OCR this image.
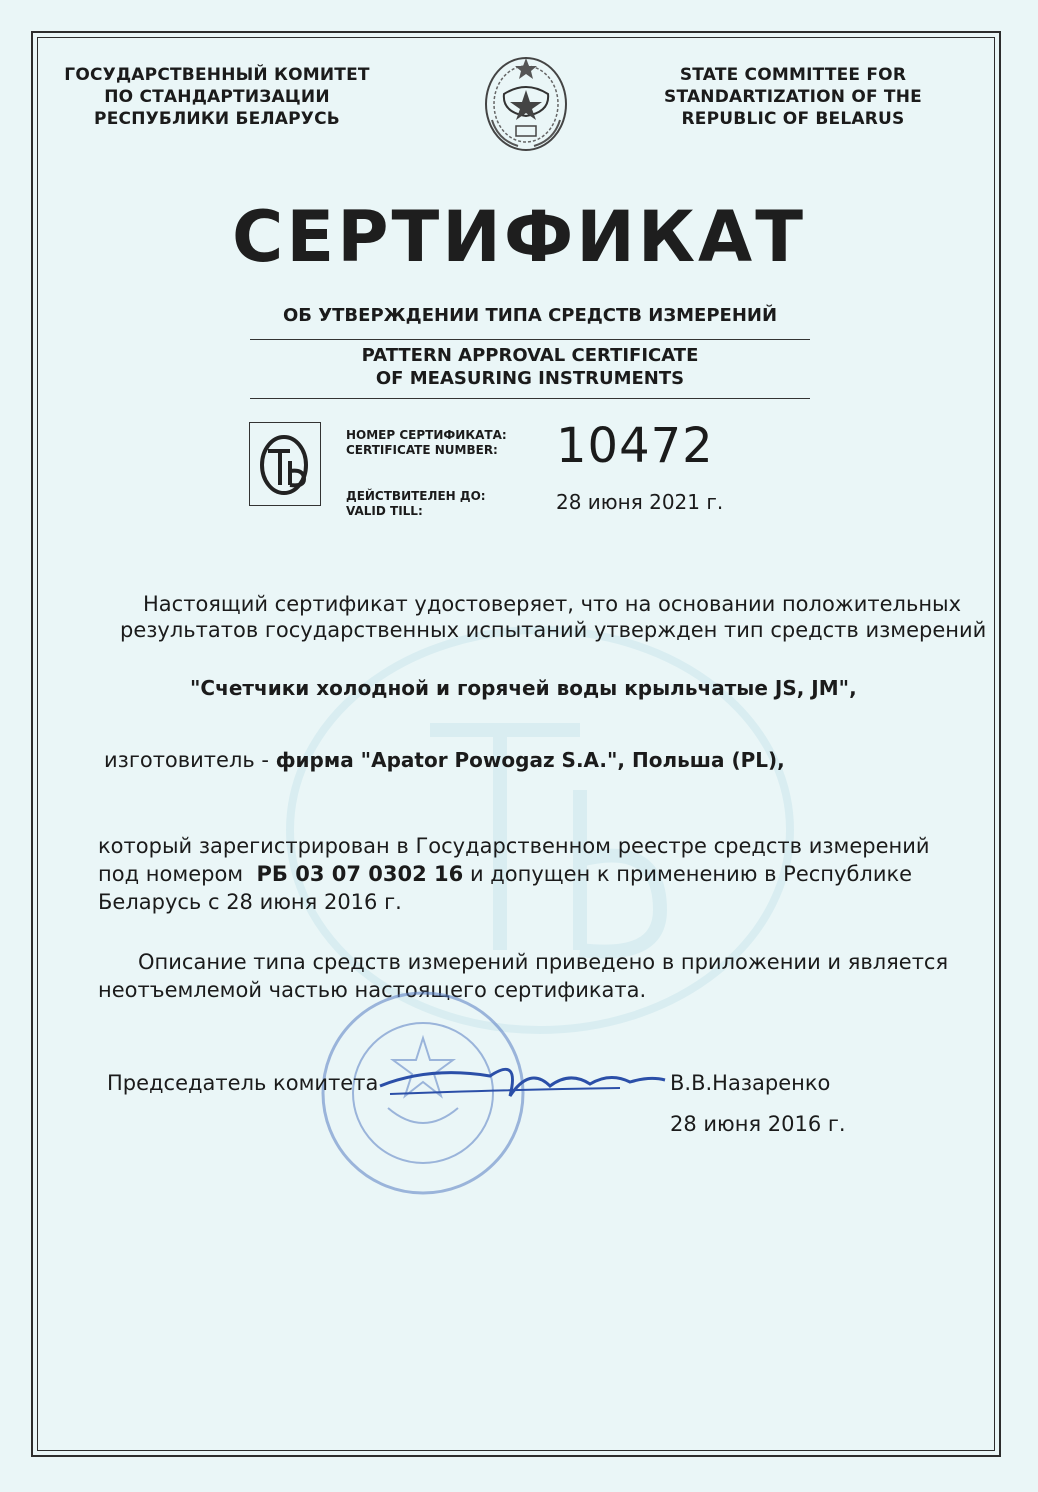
ГОСУДАРСТВЕННЫЙ КОМИТЕТ
ПО СТАНДАРТИЗАЦИИ
РЕСПУБЛИКИ БЕЛАРУСЬ
STATE COMMITTEE FOR
STANDARTIZATION OF THE
REPUBLIC OF BELARUS
СЕРТИФИКАТ
ОБ УТВЕРЖДЕНИИ ТИПА СРЕДСТВ ИЗМЕРЕНИЙ
PATTERN APPROVAL CERTIFICATE
OF MEASURING INSTRUMENTS
НОМЕР СЕРТИФИКАТА:
CERTIFICATE NUMBER: 10472
ДЕЙСТВИТЕЛЕН ДО:
VALID TILL:	28 июня 2021 г.
Настоящий сертификат удостоверяет, что на основании положительных
результатов государственных испытаний утвержден тип средств измерений
"Счетчики холодной и горячей воды крыльчатые JS, JM",
изготовитель - фирма "Apator Powogaz S.A.", Польша (PL),
который зарегистрирован в Государственном реестре средств измерений
под номером РБ 03 07 0302 16 и допущен к применению в Республике
Беларусь с 28 июня 2016 г.
Описание типа средств измерений приведено в приложении и является
неотъемлемой частью настоящего сертификата.
Председатель комитета	В.В.Назаренко
28 июня 2016 г.
